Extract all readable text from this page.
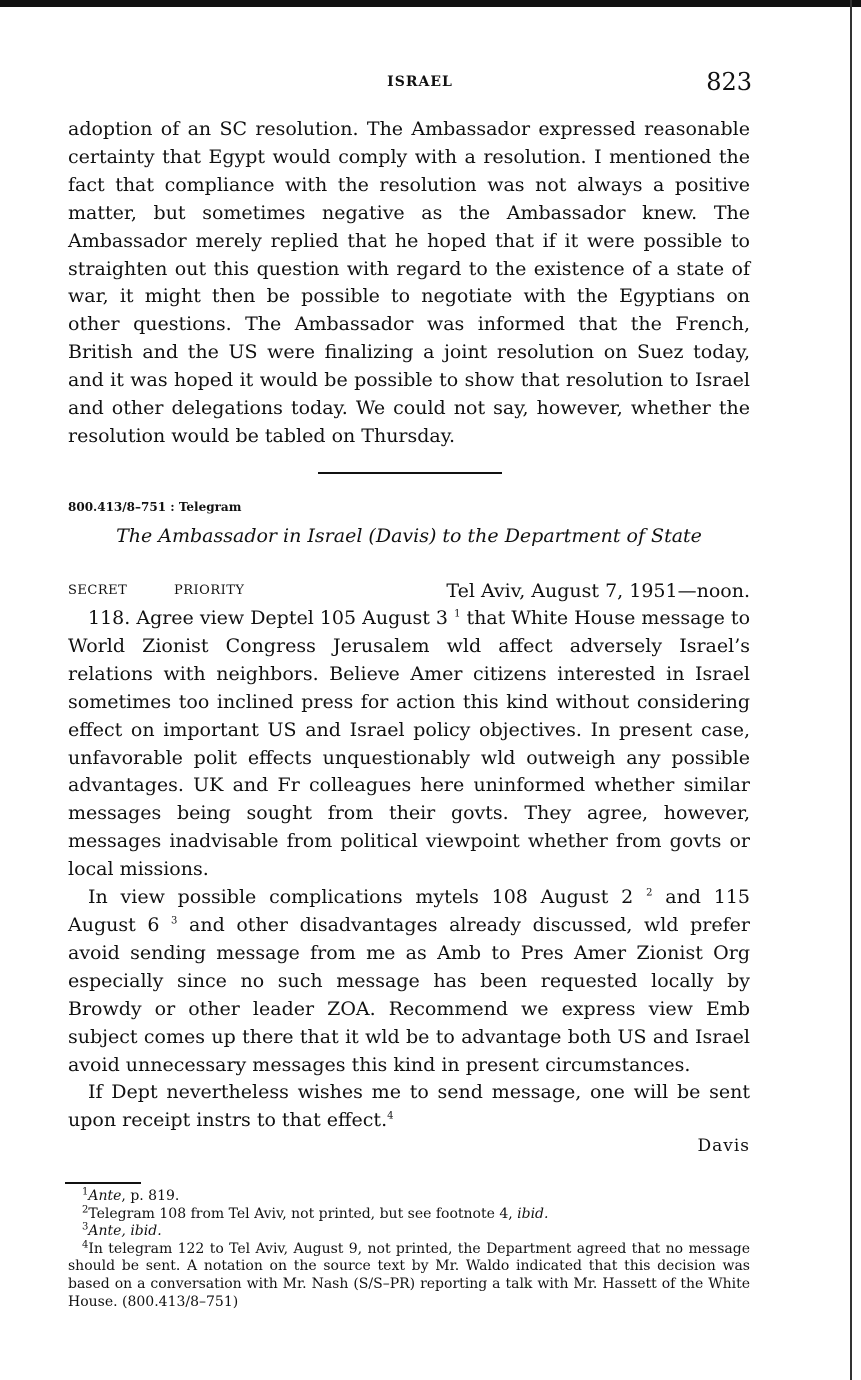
ISRAEL	823

adoption of an SC resolution. The Ambassador expressed reasonable certainty that Egypt would comply with a resolution. I mentioned the fact that compliance with the resolution was not always a positive matter, but sometimes negative as the Ambassador knew. The Ambassador merely replied that he hoped that if it were possible to straighten out this question with regard to the existence of a state of war, it might then be possible to negotiate with the Egyptians on other questions. The Ambassador was informed that the French, British and the US were finalizing a joint resolution on Suez today, and it was hoped it would be possible to show that resolution to Israel and other delegations today. We could not say, however, whether the resolution would be tabled on Thursday.

800.413/8–751 : Telegram
The Ambassador in Israel (Davis) to the Department of State
SECRET	PRIORITY	Tel Aviv, August 7, 1951—noon.

118. Agree view Deptel 105 August 3 $^1$ that White House message to World Zionist Congress Jerusalem wld affect adversely Israel’s relations with neighbors. Believe Amer citizens interested in Israel sometimes too inclined press for action this kind without considering effect on important US and Israel policy objectives. In present case, unfavorable polit effects unquestionably wld outweigh any possible advantages. UK and Fr colleagues here uninformed whether similar messages being sought from their govts. They agree, however, messages inadvisable from political viewpoint whether from govts or local missions.

In view possible complications mytels 108 August 2 $^2$ and 115 August 6 $^3$ and other disadvantages already discussed, wld prefer avoid sending message from me as Amb to Pres Amer Zionist Org especially since no such message has been requested locally by Browdy or other leader ZOA. Recommend we express view Emb subject comes up there that it wld be to advantage both US and Israel avoid unnecessary messages this kind in present circumstances.

If Dept nevertheless wishes me to send message, one will be sent upon receipt instrs to that effect.$^4$

Davis

$^1$Ante, p. 819.

$^2$Telegram 108 from Tel Aviv, not printed, but see footnote 4, ibid.

$^3$Ante, ibid.

$^4$In telegram 122 to Tel Aviv, August 9, not printed, the Department agreed that no message should be sent. A notation on the source text by Mr. Waldo indicated that this decision was based on a conversation with Mr. Nash (S/S–PR) reporting a talk with Mr. Hassett of the White House. (800.413/8–751)
